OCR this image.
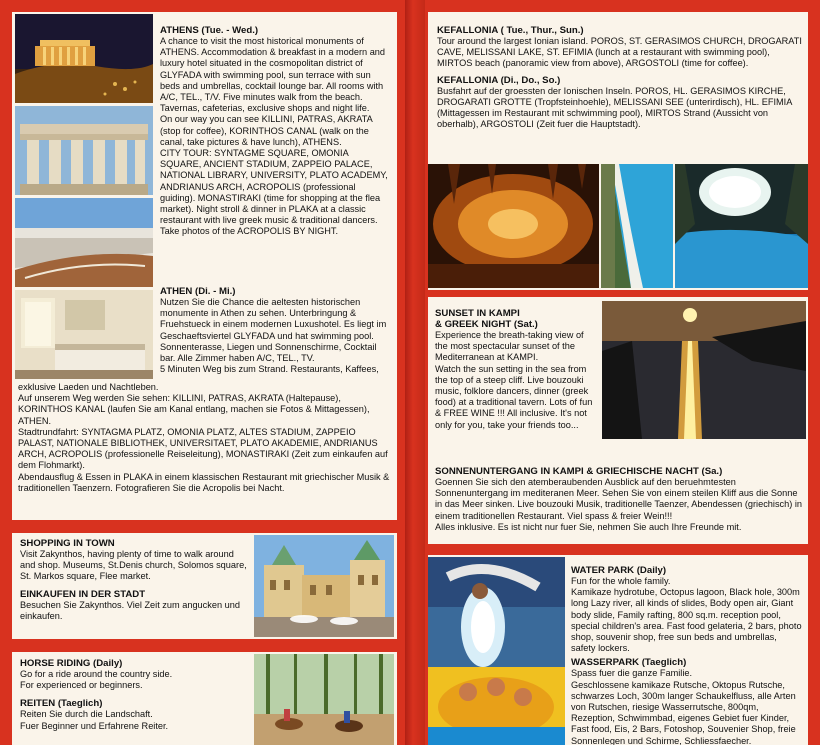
ATHENS (Tue. - Wed.)
A chance to visit the most historical monuments of ATHENS. Accommodation & breakfast in a modern and luxury hotel situated in the cosmopolitan district of GLYFADA with swimming pool, sun terrace with sun beds and umbrellas, cocktail lounge bar. All rooms with A/C, TEL., T/V. Five minutes walk from the beach. Tavernas, cafeterias, exclusive shops and night life.
On our way you can see KILLINI, PATRAS, AKRATA (stop for coffee), KORINTHOS CANAL (walk on the canal, take pictures & have lunch), ATHENS.
CITY TOUR: SYNTAGME SQUARE, OMONIA SQUARE, ANCIENT STADIUM, ZAPPEIO PALACE, NATIONAL LIBRARY, UNIVERSITY, PLATO ACADEMY, ANDRIANUS ARCH, ACROPOLIS (professional guiding). MONASTIRAKI (time for shopping at the flea market). Night stroll & dinner in PLAKA at a classic restaurant with live greek music & traditional dancers.
Take photos of the ACROPOLIS BY NIGHT.
ATHEN (Di. - Mi.)
Nutzen Sie die Chance die aeltesten historischen monumente in Athen zu sehen. Unterbringung & Fruehstueck in einem modernen Luxushotel. Es liegt im Geschaeftsviertel GLYFADA und hat swimming pool. Sonnenterasse, Liegen und Sonnenschirme, Cocktail bar. Alle Zimmer haben A/C, TEL., TV.
5 Minuten Weg bis zum Strand. Restaurants, Kaffees,
exklusive Laeden und Nachtleben.
Auf unserem Weg werden Sie sehen: KILLINI, PATRAS, AKRATA (Haltepause), KORINTHOS KANAL (laufen Sie am Kanal entlang, machen sie Fotos & Mittagessen), ATHEN.
Stadtrundfahrt: SYNTAGMA PLATZ, OMONIA PLATZ, ALTES STADIUM, ZAPPEIO PALAST, NATIONALE BIBLIOTHEK, UNIVERSITAET, PLATO AKADEMIE, ANDRIANUS ARCH, ACROPOLIS (professionelle Reiseleitung), MONASTIRAKI (Zeit zum einkaufen auf dem Flohmarkt).
Abendausflug & Essen in PLAKA in einem klassischen Restaurant mit griechischer Musik & traditionellen Taenzern. Fotografieren Sie die Acropolis bei Nacht.
SHOPPING IN TOWN
Visit Zakynthos, having plenty of time to walk around and shop. Museums, St.Denis church, Solomos square, St. Markos square, Flee market.
EINKAUFEN IN DER STADT
Besuchen Sie Zakynthos. Viel Zeit zum angucken und einkaufen.
HORSE RIDING (Daily)
Go for a ride around the country side.
For experienced or beginners.
REITEN (Taeglich)
Reiten Sie durch die Landschaft.
Fuer Beginner und Erfahrene Reiter.
KEFALLONIA ( Tue., Thur., Sun.)
Tour around the largest Ionian island. POROS, ST. GERASIMOS CHURCH, DROGARATI CAVE, MELISSANI LAKE, ST. EFIMIA (lunch at a restaurant with swimming pool), MIRTOS beach (panoramic view from above), ARGOSTOLI (time for coffee).
KEFALLONIA (Di., Do., So.)
Busfahrt auf der groessten der Ionischen Inseln. POROS, HL. GERASIMOS KIRCHE, DROGARATI GROTTE (Tropfsteinhoehle), MELISSANI SEE (unterirdisch), HL. EFIMIA (Mittagessen im Restaurant mit schwimming pool), MIRTOS Strand (Aussicht von oberhalb), ARGOSTOLI (Zeit fuer die Hauptstadt).
SUNSET IN KAMPI
& GREEK NIGHT (Sat.)
Experience the breath-taking view of the most spectacular sunset of the Mediterranean at KAMPI.
Watch the sun setting in the sea from the top of a steep cliff. Live bouzouki music, folklore dancers, dinner (greek food) at a traditional tavern. Lots of fun & FREE WINE !!! All inclusive. It's not only for you, take your friends too...
SONNENUNTERGANG IN KAMPI & GRIECHISCHE NACHT (Sa.)
Goennen Sie sich den atemberaubenden Ausblick auf den beruehmtesten Sonnenuntergang im mediteranen Meer. Sehen Sie von einem steilen Kliff aus die Sonne in das Meer sinken. Live bouzouki Musik, traditionelle Taenzer, Abendessen (griechisch) in einem traditionellen Restaurant. Viel spass & freier Wein!!!
Alles inklusive. Es ist nicht nur fuer Sie, nehmen Sie auch Ihre Freunde mit.
WATER PARK (Daily)
Fun for the whole family.
Kamikaze hydrotube, Octopus lagoon, Black hole, 300m long Lazy river, all kinds of slides, Body open air, Giant body slide, Family rafting, 800 sq.m. reception pool, special children's area. Fast food gelateria, 2 bars, photo shop, souvenir shop, free sun beds and umbrellas, safety lockers.
WASSERPARK (Taeglich)
Spass fuer die ganze Familie.
Geschlossene kamikaze Rutsche, Oktopus Rutsche, schwarzes Loch, 300m langer Schaukelfluss, alle Arten von Rutschen, riesige Wasserrutsche, 800qm, Rezeption, Schwimmbad, eigenes Gebiet fuer Kinder, Fast food, Eis, 2 Bars, Fotoshop, Souvenier Shop, freie Sonnenlegen und Schirme, Schliessfaecher.
